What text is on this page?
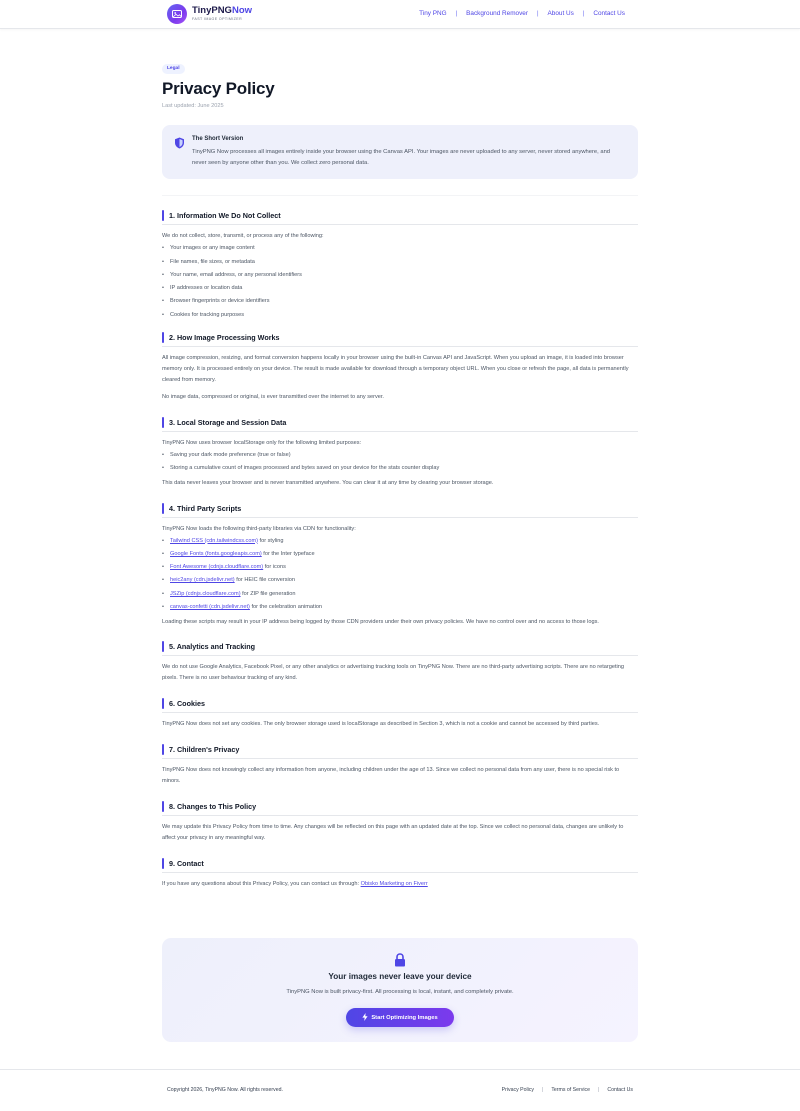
TinyPNGNow
FAST IMAGE OPTIMIZER
Tiny PNG | Background Remover | About Us | Contact Us
Legal
Privacy Policy
Last updated: June 2025
The Short Version
TinyPNG Now processes all images entirely inside your browser using the Canvas API. Your images are never uploaded to any server, never stored anywhere, and never seen by anyone other than you. We collect zero personal data.
1. Information We Do Not Collect

We do not collect, store, transmit, or process any of the following:

• Your images or any image content
• File names, file sizes, or metadata
• Your name, email address, or any personal identifiers
• IP addresses or location data
• Browser fingerprints or device identifiers
• Cookies for tracking purposes
2. How Image Processing Works

All image compression, resizing, and format conversion happens locally in your browser using the built-in Canvas API and JavaScript. When you upload an image, it is loaded into browser memory only. It is processed entirely on your device. The result is made available for download through a temporary object URL. When you close or refresh the page, all data is permanently cleared from memory.

No image data, compressed or original, is ever transmitted over the internet to any server.

3. Local Storage and Session Data

TinyPNG Now uses browser localStorage only for the following limited purposes:

• Saving your dark mode preference (true or false)
• Storing a cumulative count of images processed and bytes saved on your device for the stats counter display

This data never leaves your browser and is never transmitted anywhere. You can clear it at any time by clearing your browser storage.

4. Third Party Scripts

TinyPNG Now loads the following third-party libraries via CDN for functionality:

• Tailwind CSS (cdn.tailwindcss.com) for styling
• Google Fonts (fonts.googleapis.com) for the Inter typeface
• Font Awesome (cdnjs.cloudflare.com) for icons
• heic2any (cdn.jsdelivr.net) for HEIC file conversion
• JSZip (cdnjs.cloudflare.com) for ZIP file generation
• canvas-confetti (cdn.jsdelivr.net) for the celebration animation

Loading these scripts may result in your IP address being logged by those CDN providers under their own privacy policies. We have no control over and no access to those logs.

5. Analytics and Tracking

We do not use Google Analytics, Facebook Pixel, or any other analytics or advertising tracking tools on TinyPNG Now. There are no third-party advertising scripts. There are no retargeting pixels. There is no user behaviour tracking of any kind.

6. Cookies

TinyPNG Now does not set any cookies. The only browser storage used is localStorage as described in Section 3, which is not a cookie and cannot be accessed by third parties.

7. Children's Privacy

TinyPNG Now does not knowingly collect any information from anyone, including children under the age of 13. Since we collect no personal data from any user, there is no special risk to minors.

8. Changes to This Policy

We may update this Privacy Policy from time to time. Any changes will be reflected on this page with an updated date at the top. Since we collect no personal data, changes are unlikely to affect your privacy in any meaningful way.

9. Contact

If you have any questions about this Privacy Policy, you can contact us through: Obisko Marketing on Fiverr

Your images never leave your device
TinyPNG Now is built privacy-first. All processing is local, instant, and completely private.
Start Optimizing Images
Copyright 2026, TinyPNG Now. All rights reserved.	Privacy Policy | Terms of Service | Contact Us
